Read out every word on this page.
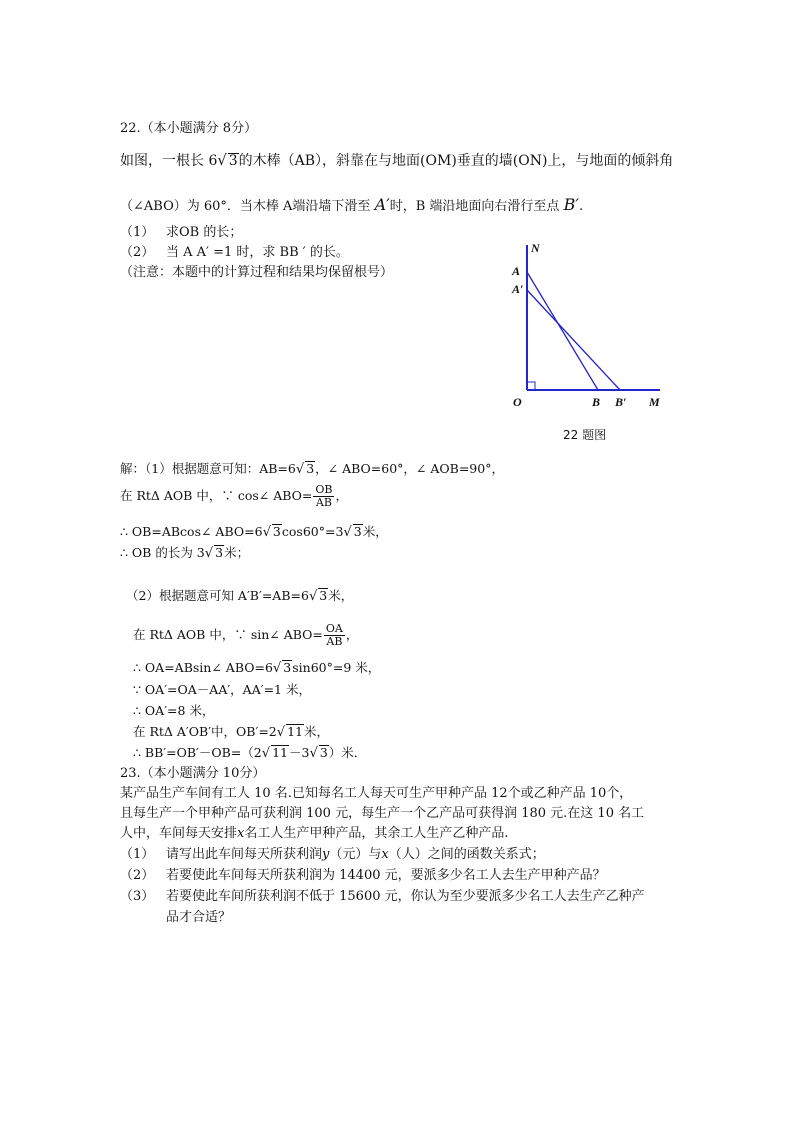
22.（本小题满分 8分）
如图，一根长 6√ 3的木棒（AB），斜靠在与地面(OM)垂直的墙(ON)上，与地面的倾斜角
（∠ABO）为 60°．当木棒 A端沿墙下滑至 A′时，B 端沿地面向右滑行至点 B′.
（1） 求OB 的长；
（2） 当 A A′ =1 时，求 BB ′ 的长。
（注意：本题中的计算过程和结果均保留根号）
N
A
A′
O	B B′ M
22 题图
解：（1）根据题意可知：AB=6√ 3，∠ ABO=60°，∠ AOB=90°，
在 RtΔ AOB 中，∵ cos∠ $ABO= \frac{OB}{AB}$ ，
∴ OB=ABcos∠ ABO=6√ 3cos60°=3√ 3米，
∴ OB 的长为 3√ 3米；
（2）根据题意可知 A′B′=AB=6√ 3米，
在 RtΔ AOB 中，∵ sin∠ $ABO= \frac{OA}{AB}$ ，
∴ OA=ABsin∠ ABO=6√ 3sin60°=9 米，
∵ OA′=OA－AA′，AA′=1 米，
∴ OA′=8 米，
在 RtΔ A′OB′中，OB′=2√ 11米，
∴ BB′=OB′－OB=（2√ 11－3√ 3）米．
23.（本小题满分 10分）
某产品生产车间有工人 10 名.已知每名工人每天可生产甲种产品 12个或乙种产品 10个，
且每生产一个甲种产品可获利润 100 元，每生产一个乙产品可获得润 180 元.在这 10 名工
人中，车间每天安排x名工人生产甲种产品，其余工人生产乙种产品.
（1） 请写出此车间每天所获利润y（元）与x（人）之间的函数关系式；
（2） 若要使此车间每天所获利润为 14400 元，要派多少名工人去生产甲种产品？
（3） 若要使此车间所获利润不低于 15600 元，你认为至少要派多少名工人去生产乙种产
品才合适？
